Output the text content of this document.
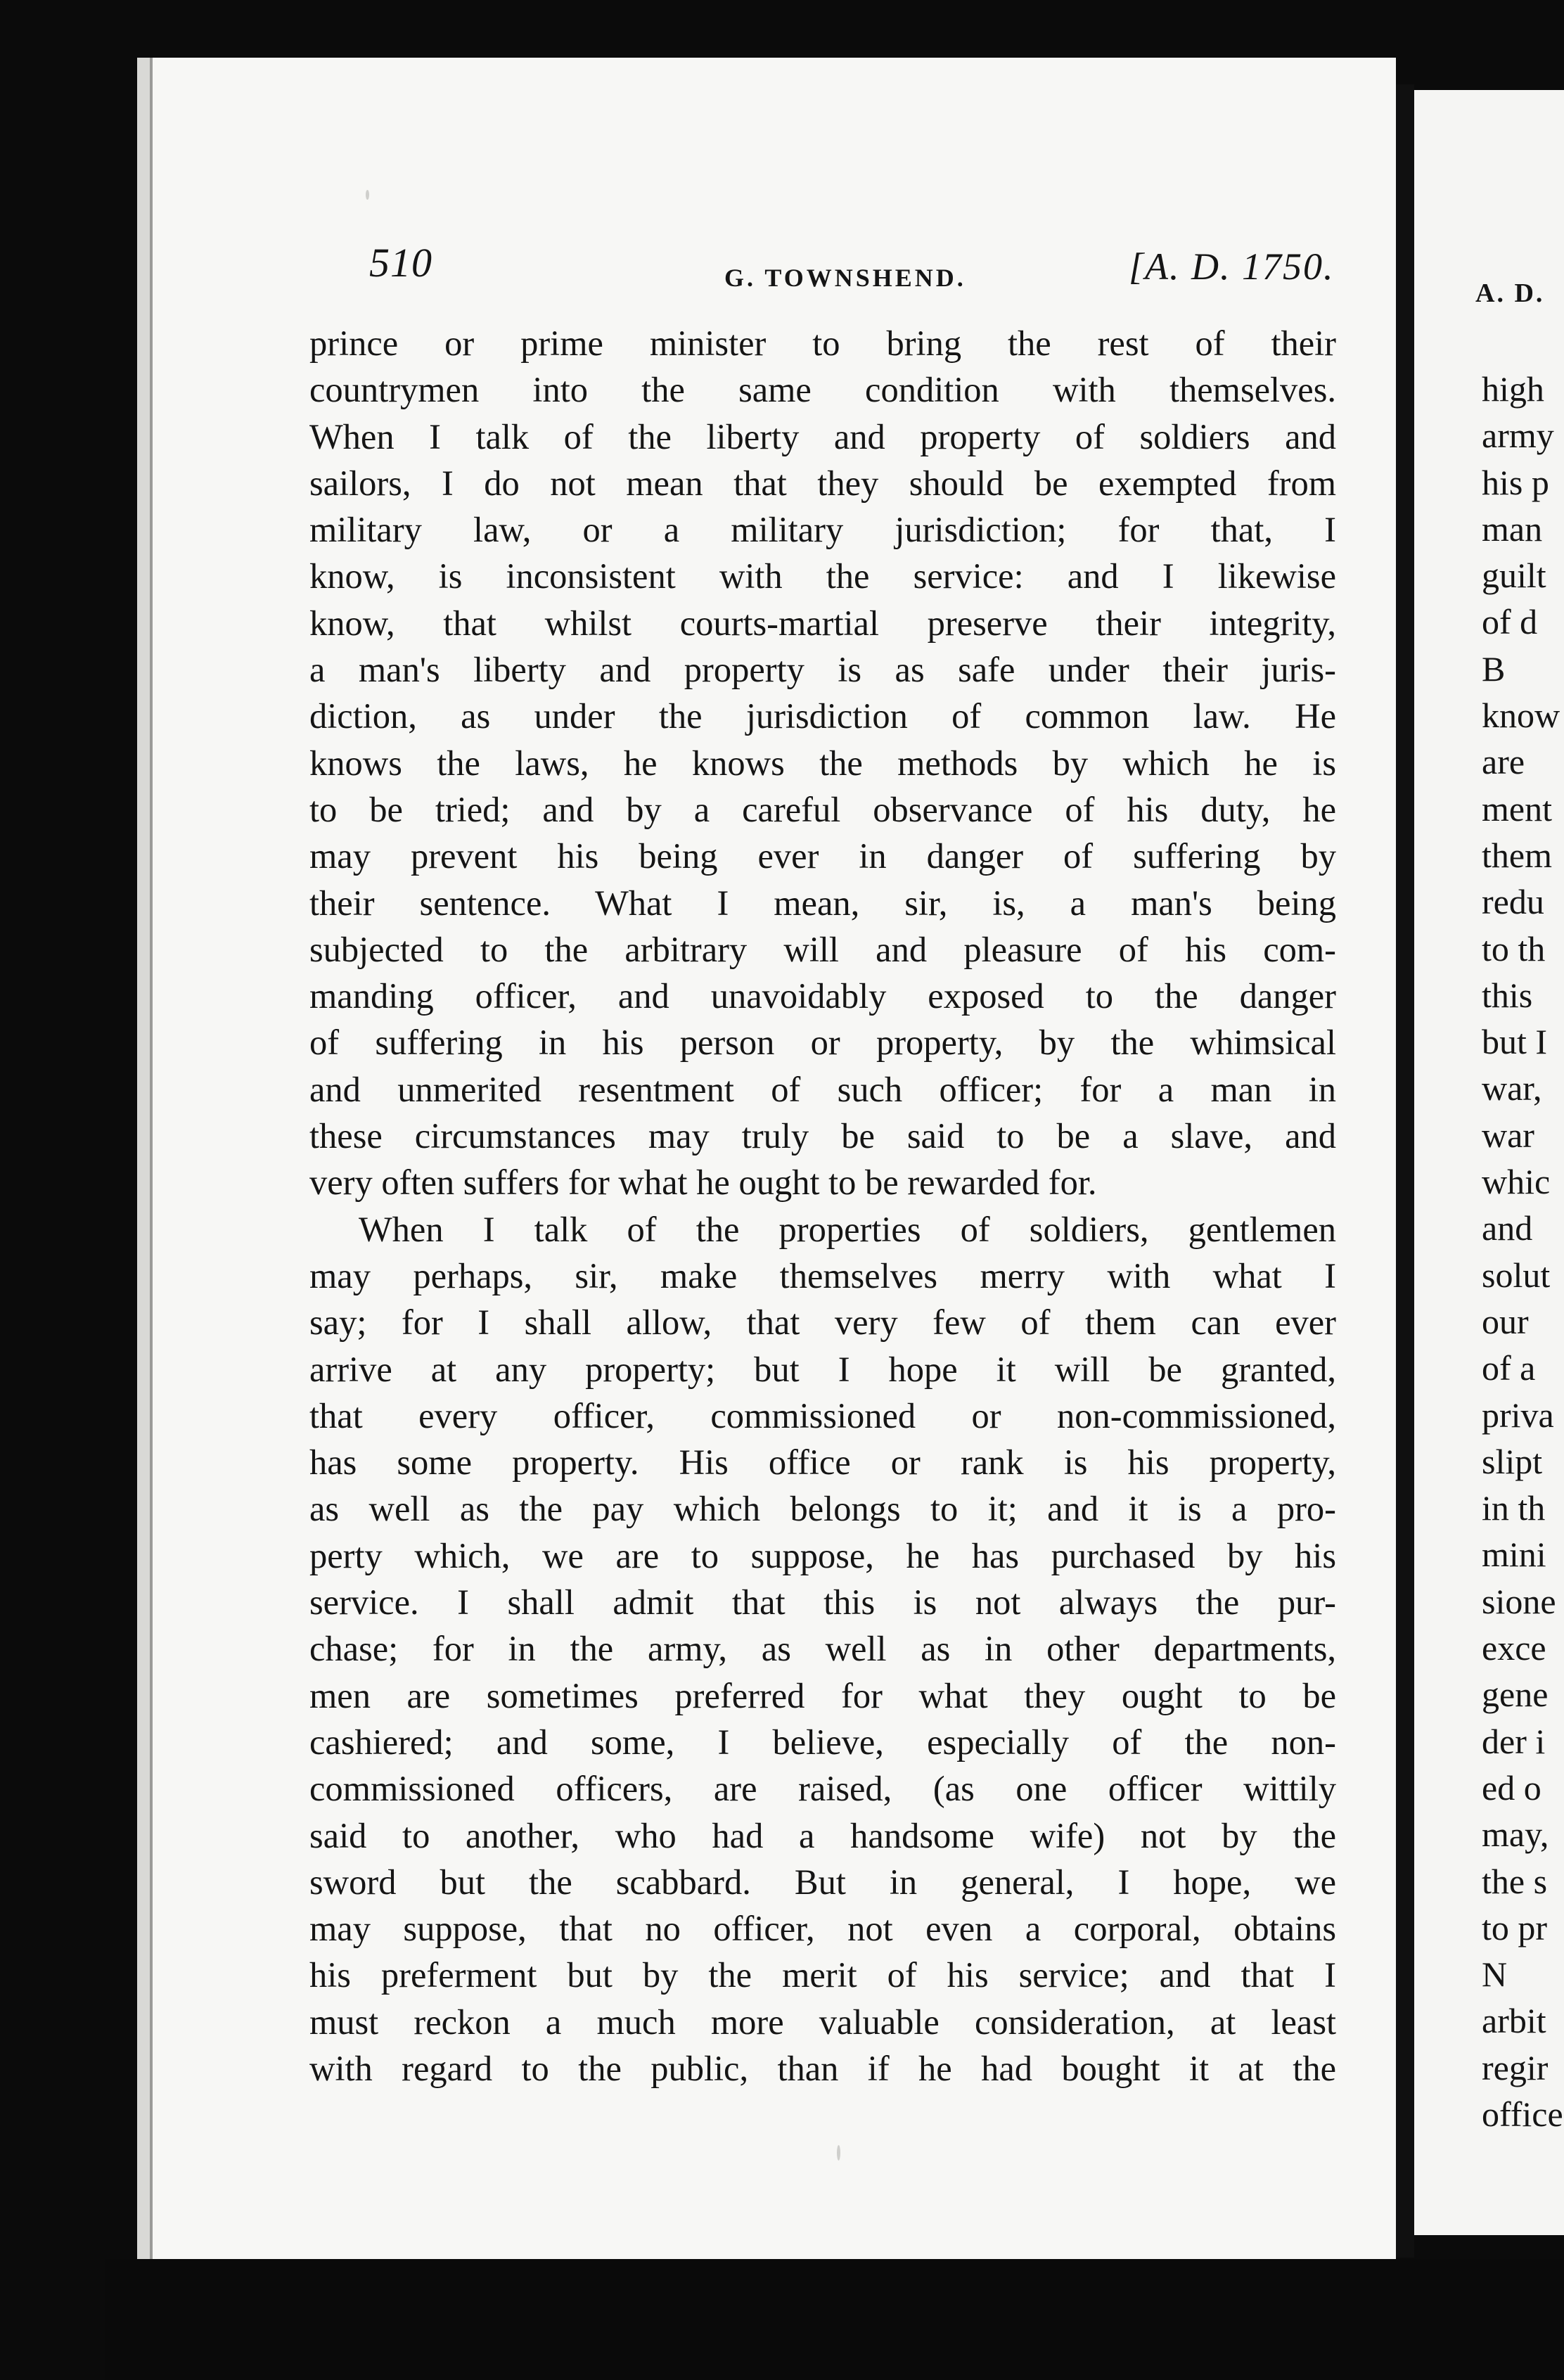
510	G. TOWNSHEND.	[A. D. 1750.
prince or prime minister to bring the rest of their
countrymen into the same condition with themselves.
When I talk of the liberty and property of soldiers and
sailors, I do not mean that they should be exempted from
military law, or a military jurisdiction; for that, I
know, is inconsistent with the service: and I likewise
know, that whilst courts-martial preserve their integrity,
a man's liberty and property is as safe under their juris-
diction, as under the jurisdiction of common law. He
knows the laws, he knows the methods by which he is
to be tried; and by a careful observance of his duty, he
may prevent his being ever in danger of suffering by
their sentence. What I mean, sir, is, a man's being
subjected to the arbitrary will and pleasure of his com-
manding officer, and unavoidably exposed to the danger
of suffering in his person or property, by the whimsical
and unmerited resentment of such officer; for a man in
these circumstances may truly be said to be a slave, and
very often suffers for what he ought to be rewarded for.
When I talk of the properties of soldiers, gentlemen
may perhaps, sir, make themselves merry with what I
say; for I shall allow, that very few of them can ever
arrive at any property; but I hope it will be granted,
that every officer, commissioned or non-commissioned,
has some property. His office or rank is his property,
as well as the pay which belongs to it; and it is a pro-
perty which, we are to suppose, he has purchased by his
service. I shall admit that this is not always the pur-
chase; for in the army, as well as in other departments,
men are sometimes preferred for what they ought to be
cashiered; and some, I believe, especially of the non-
commissioned officers, are raised, (as one officer wittily
said to another, who had a handsome wife) not by the
sword but the scabbard. But in general, I hope, we
may suppose, that no officer, not even a corporal, obtains
his preferment but by the merit of his service; and that I
must reckon a much more valuable consideration, at least
with regard to the public, than if he had bought it at the
A. D.
high
army
his p
man
guilt
of d
B
know
are
ment
them
redu
to th
this
but I
war,
war
whic
and
solut
our
of a
priva
slipt
in th
mini
sione
exce
gene
der i
ed o
may,
the s
to pr
N
arbit
regir
office
